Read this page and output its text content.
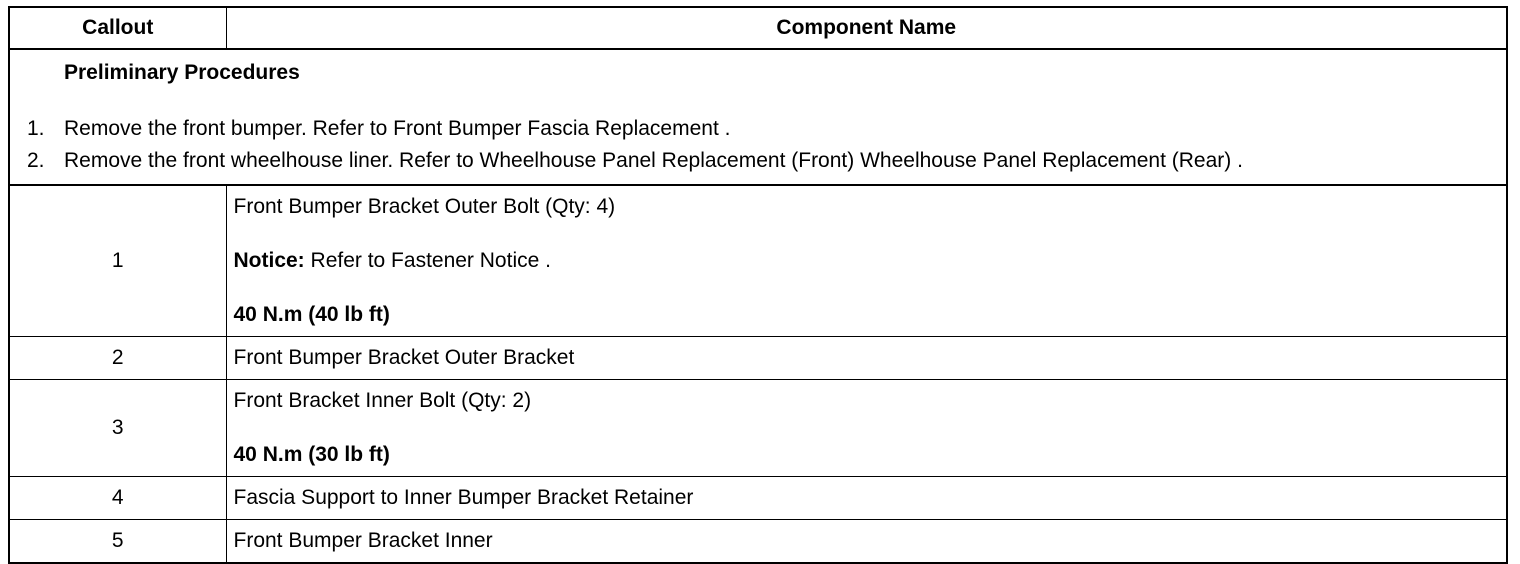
Callout	Component Name

Preliminary Procedures
1. Remove the front bumper. Refer to Front Bumper Fascia Replacement .
2. Remove the front wheelhouse liner. Refer to Wheelhouse Panel Replacement (Front) Wheelhouse Panel Replacement (Rear) .	

1	Front Bumper Bracket Outer Bolt (Qty: 4)
Notice: Refer to Fastener Notice .
40 N.m (40 lb ft)

2	Front Bumper Bracket Outer Bracket
3	Front Bracket Inner Bolt (Qty: 2)
40 N.m (30 lb ft)

4	Fascia Support to Inner Bumper Bracket Retainer
5	Front Bumper Bracket Inner
